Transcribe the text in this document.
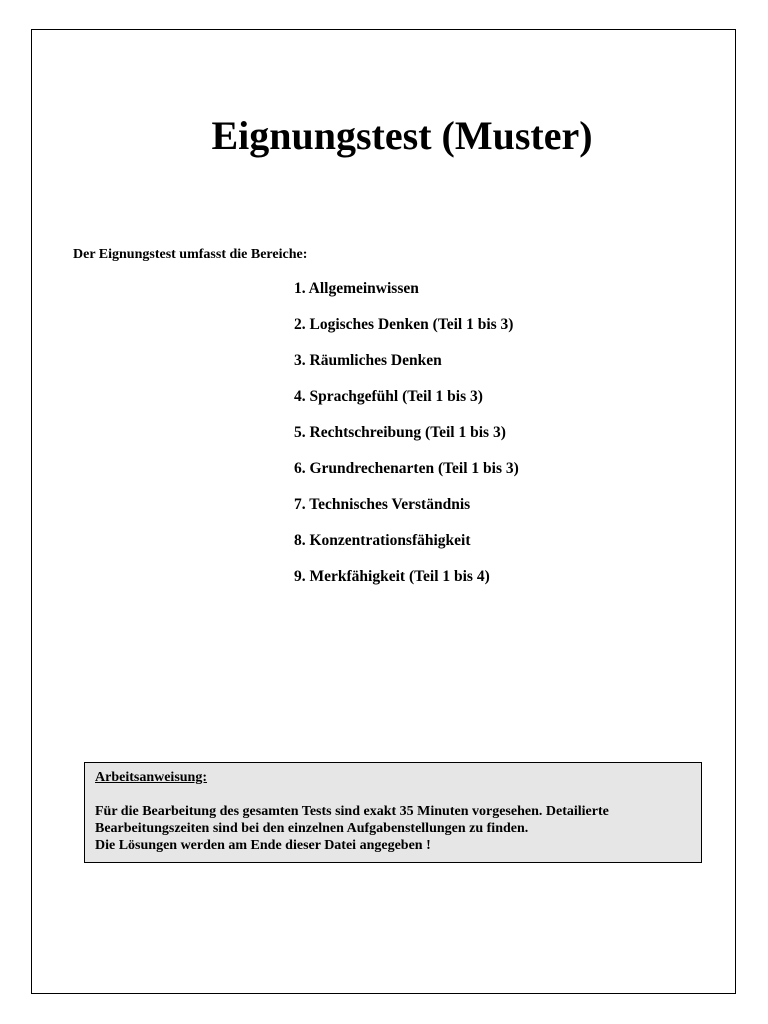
Eignungstest (Muster)

Der Eignungstest umfasst die Bereiche:

1. Allgemeinwissen
2. Logisches Denken (Teil 1 bis 3)
3. Räumliches Denken
4. Sprachgefühl (Teil 1 bis 3)
5. Rechtschreibung (Teil 1 bis 3)
6. Grundrechenarten (Teil 1 bis 3)
7. Technisches Verständnis
8. Konzentrationsfähigkeit
9. Merkfähigkeit (Teil 1 bis 4)

Arbeitsanweisung:

Für die Bearbeitung des gesamten Tests sind exakt 35 Minuten vorgesehen. Detailierte

Bearbeitungszeiten sind bei den einzelnen Aufgabenstellungen zu finden.

Die Lösungen werden am Ende dieser Datei angegeben !
